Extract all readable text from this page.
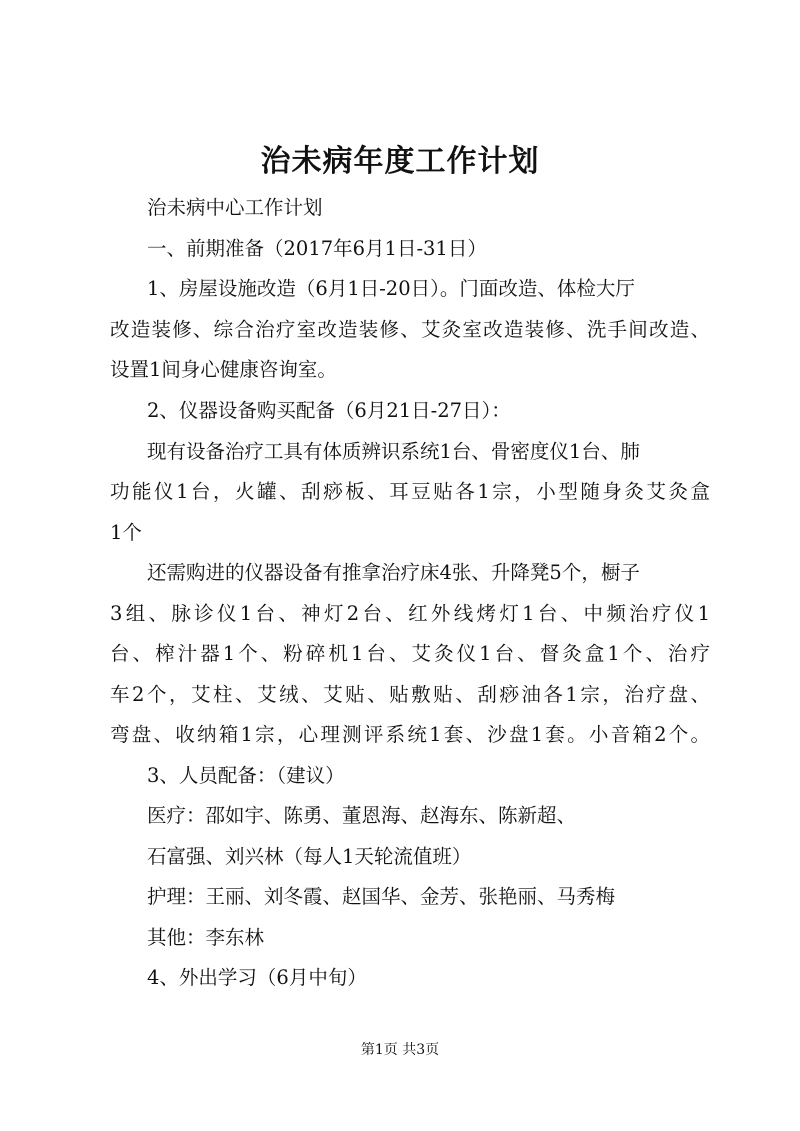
治未病年度工作计划
治未病中心工作计划
一、前期准备（2017年6月1日-31日）
1、房屋设施改造（6月1日-20日）。门面改造、体检大厅
改造装修、综合治疗室改造装修、艾灸室改造装修、洗手间改造、
设置1间身心健康咨询室。
2、仪器设备购买配备（6月21日-27日）：
现有设备治疗工具有体质辨识系统1台、骨密度仪1台、肺
功能仪1台，火罐、刮痧板、耳豆贴各1宗，小型随身灸艾灸盒
1个
还需购进的仪器设备有推拿治疗床4张、升降凳5个，橱子
3组、脉诊仪1台、神灯2台、红外线烤灯1台、中频治疗仪1
台、榨汁器1个、粉碎机1台、艾灸仪1台、督灸盒1个、治疗
车2个，艾柱、艾绒、艾贴、贴敷贴、刮痧油各1宗，治疗盘、
弯盘、收纳箱1宗，心理测评系统1套、沙盘1套。小音箱2个。
3、人员配备：（建议）
医疗：邵如宇、陈勇、董恩海、赵海东、陈新超、
石富强、刘兴林（每人1天轮流值班）
护理：王丽、刘冬霞、赵国华、金芳、张艳丽、马秀梅
其他：李东林
4、外出学习（6月中旬）
第1页 共3页
